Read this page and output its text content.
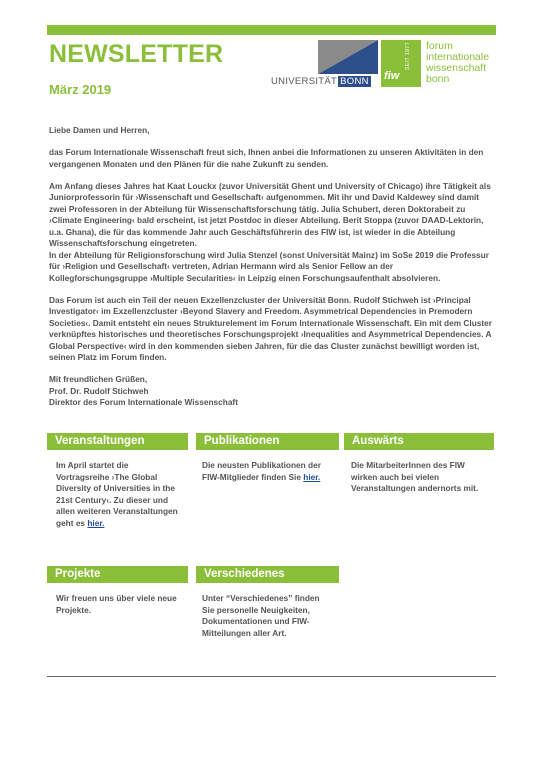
NEWSLETTER
März 2019
UNIVERSITÄT BONN
SEIT 1977
fiw
forum
internationale
wissenschaft
bonn

Liebe Damen und Herren,

das Forum Internationale Wissenschaft freut sich, Ihnen anbei die Informationen zu unseren Aktivitäten in den vergangenen Monaten und den Plänen für die nahe Zukunft zu senden.

Am Anfang dieses Jahres hat Kaat Louckx (zuvor Universität Ghent und University of Chicago) ihre Tätigkeit als Juniorprofessorin für ›Wissenschaft und Gesellschaft‹ aufgenommen. Mit ihr und David Kaldewey sind damit zwei Professoren in der Abteilung für Wissenschaftsforschung tätig. Julia Schubert, deren Doktorabeit zu ›Climate Engineering‹ bald erscheint, ist jetzt Postdoc in dieser Abteilung. Berit Stoppa (zuvor DAAD-Lektorin, u.a. Ghana), die für das kommende Jahr auch Geschäftsführerin des FIW ist, ist wieder in die Abteilung Wissenschaftsforschung eingetreten.
In der Abteilung für Religionsforschung wird Julia Stenzel (sonst Universität Mainz) im SoSe 2019 die Professur für ›Religion und Gesellschaft‹ vertreten, Adrian Hermann wird als Senior Fellow an der Kollegforschungsgruppe ›Multiple Secularities‹ in Leipzig einen Forschungsaufenthalt absolvieren.

Das Forum ist auch ein Teil der neuen Exzellenzcluster der Universität Bonn. Rudolf Stichweh ist ›Principal Investigator‹ im Exzellenzcluster ›Beyond Slavery and Freedom. Asymmetrical Dependencies in Premodern Societies‹. Damit entsteht ein neues Strukturelement im Forum Internationale Wissenschaft. Ein mit dem Cluster verknüpftes historisches und theoretisches Forschungsprojekt ›Inequalities and Asymmetrical Dependencies. A Global Perspective‹ wird in den kommenden sieben Jahren, für die das Cluster zunächst bewilligt worden ist, seinen Platz im Forum finden.

Mit freundlichen Grüßen,
Prof. Dr. Rudolf Stichweh
Direktor des Forum Internationale Wissenschaft
Veranstaltungen
Im April startet die Vortragsreihe ›The Global Diversity of Universities in the 21st Century‹. Zu dieser und allen weiteren Veranstaltungen geht es hier.
Publikationen
Die neusten Publikationen der FIW-Mitglieder finden Sie hier.
Auswärts
Die MitarbeiterInnen des FIW wirken auch bei vielen Veranstaltungen andernorts mit.
Projekte
Wir freuen uns über viele neue Projekte.
Verschiedenes
Unter “Verschiedenes” finden Sie personelle Neuigkeiten, Dokumentationen und FIW-Mitteilungen aller Art.
